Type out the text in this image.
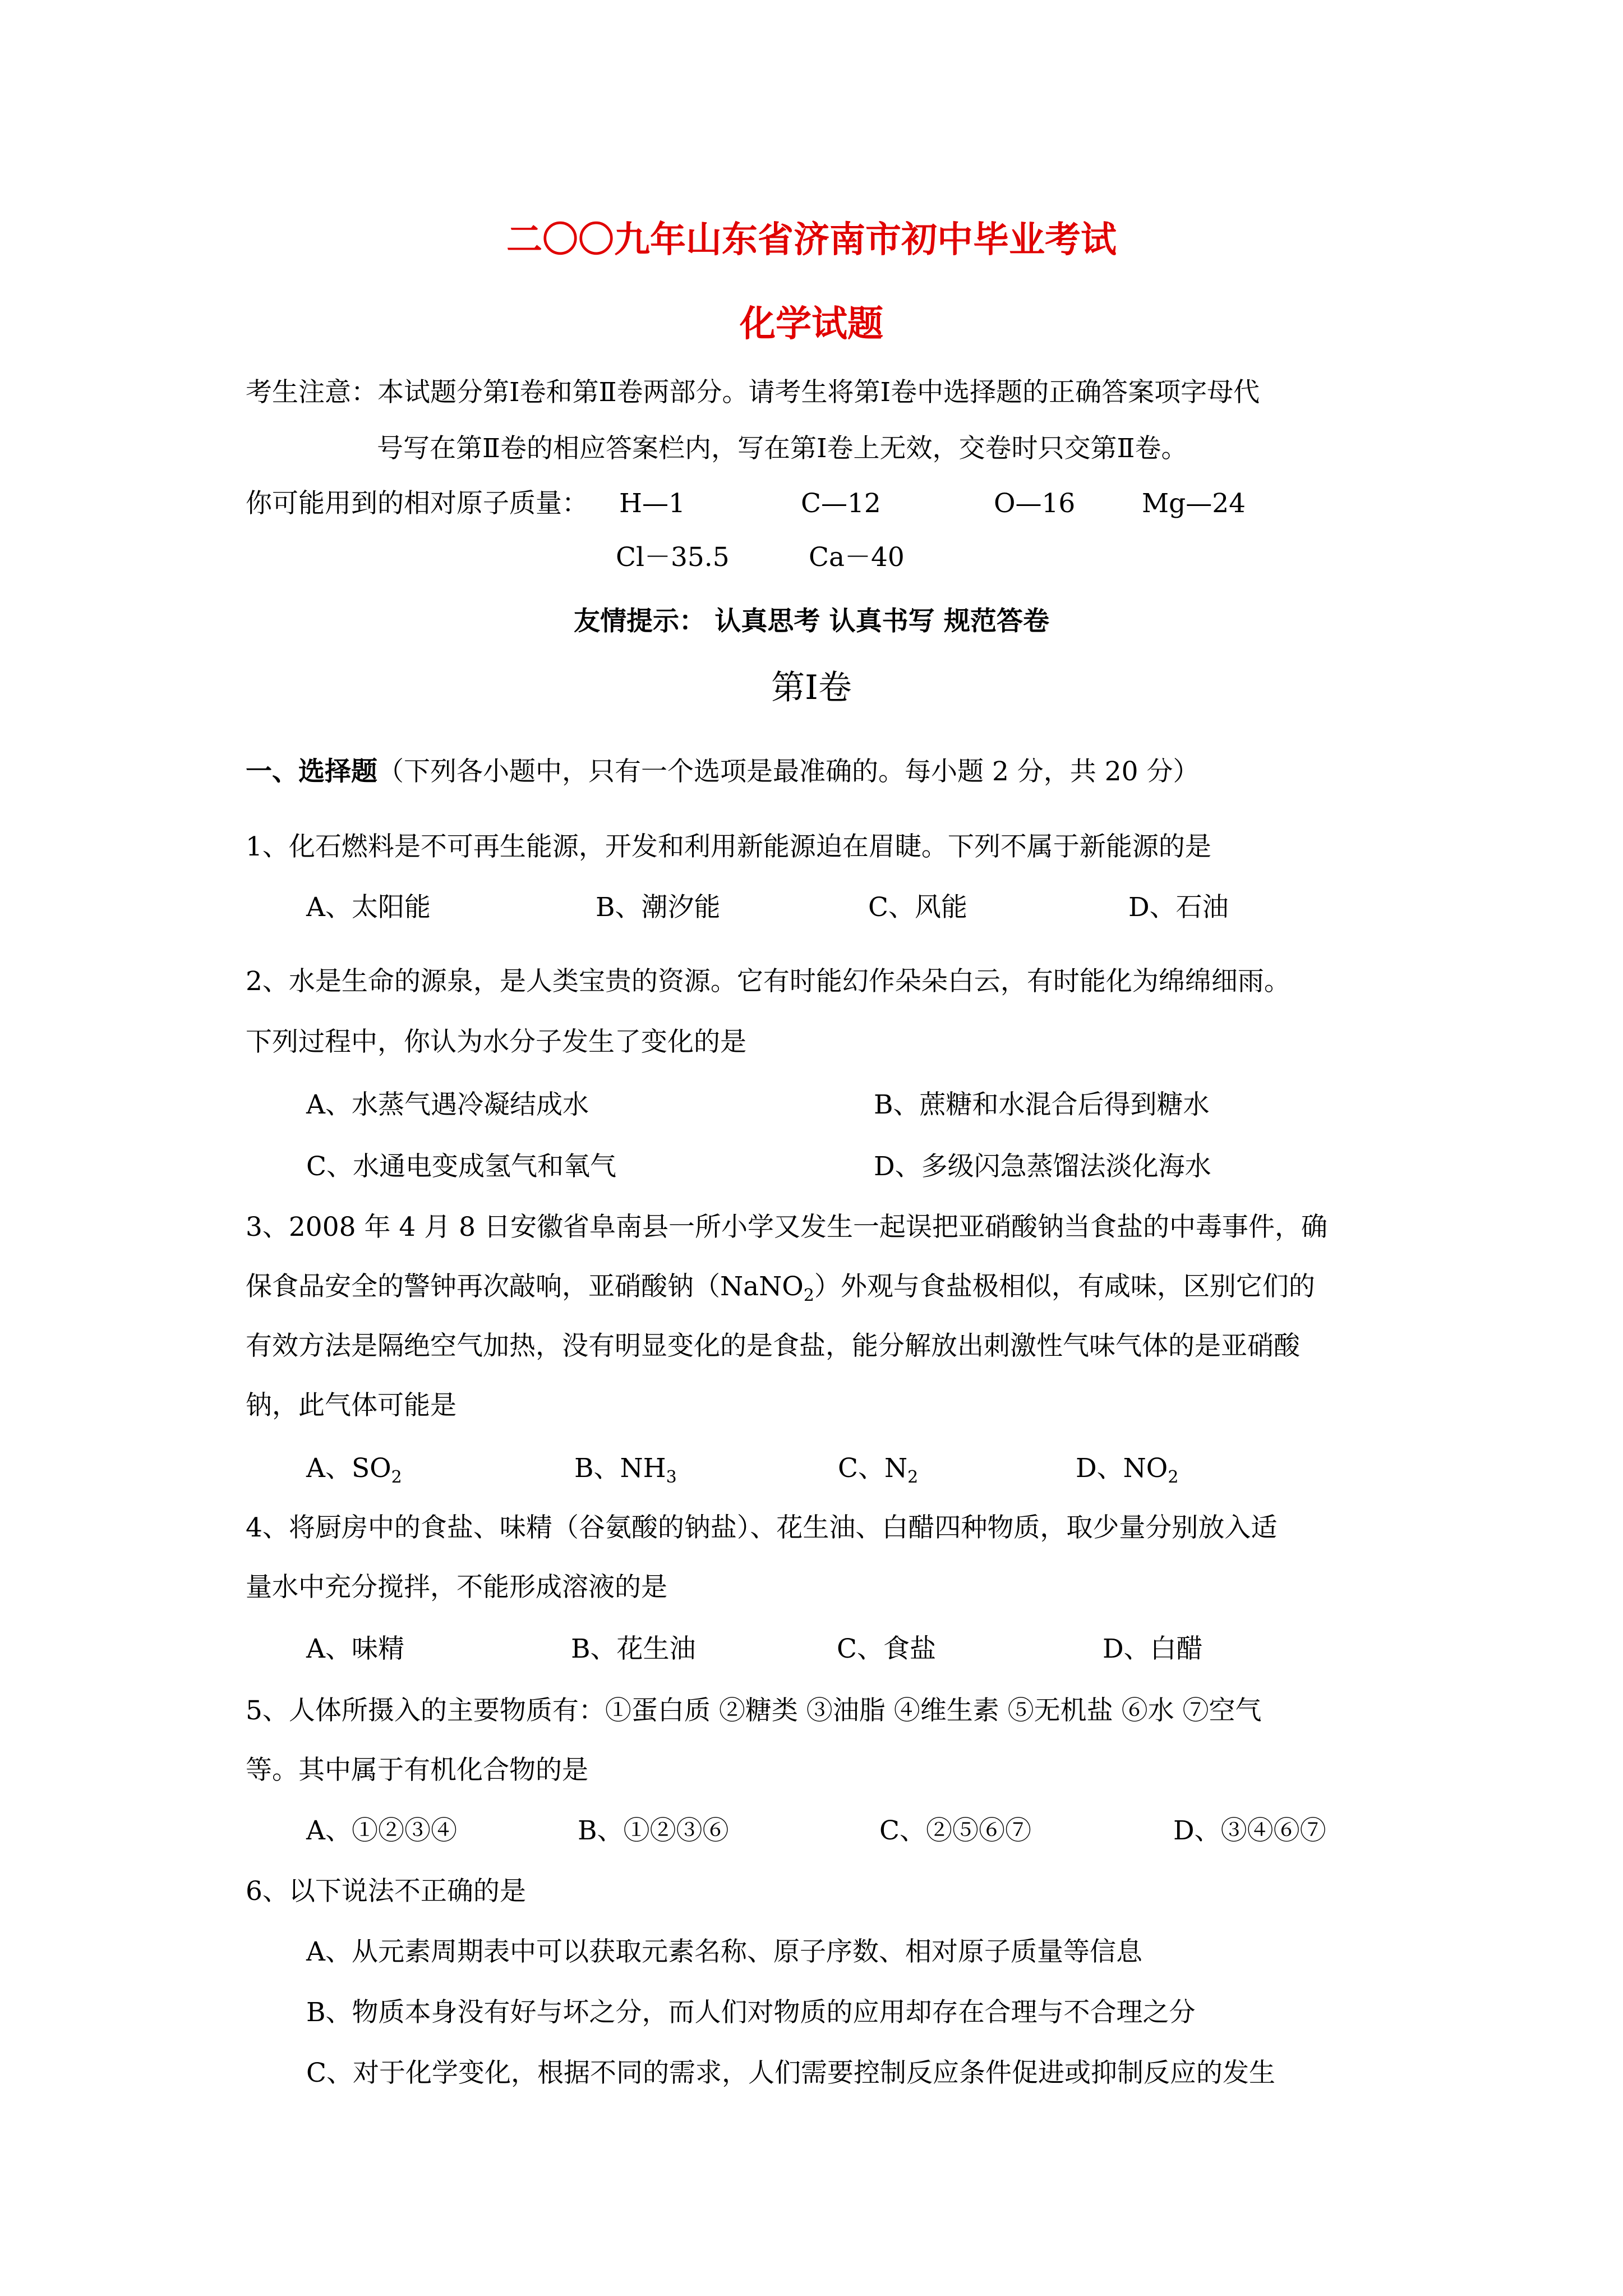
二〇〇九年山东省济南市初中毕业考试
化学试题
考生注意：本试题分第Ⅰ卷和第Ⅱ卷两部分。请考生将第Ⅰ卷中选择题的正确答案项字母代
号写在第Ⅱ卷的相应答案栏内，写在第Ⅰ卷上无效，交卷时只交第Ⅱ卷。
你可能用到的相对原子质量： H—1	C—12	O—16	Mg—24
Cl－35.5	Ca－40
友情提示： 认真思考 认真书写 规范答卷
第Ⅰ卷
一、选择题（下列各小题中，只有一个选项是最准确的。每小题 2 分，共 20 分）
1、化石燃料是不可再生能源，开发和利用新能源迫在眉睫。下列不属于新能源的是
A、太阳能	B、潮汐能	C、风能	D、石油
2、水是生命的源泉，是人类宝贵的资源。它有时能幻作朵朵白云，有时能化为绵绵细雨。
下列过程中，你认为水分子发生了变化的是
A、水蒸气遇冷凝结成水	B、蔗糖和水混合后得到糖水
C、水通电变成氢气和氧气	D、多级闪急蒸馏法淡化海水
3、2008 年 4 月 8 日安徽省阜南县一所小学又发生一起误把亚硝酸钠当食盐的中毒事件，确
保食品安全的警钟再次敲响，亚硝酸钠（NaNO$_2$）外观与食盐极相似，有咸味，区别它们的
有效方法是隔绝空气加热，没有明显变化的是食盐，能分解放出刺激性气味气体的是亚硝酸
钠，此气体可能是
A、$SO_2$	B、$NH_3$	C、$N_2$	D、$NO_2$
4、将厨房中的食盐、味精（谷氨酸的钠盐）、花生油、白醋四种物质，取少量分别放入适
量水中充分搅拌，不能形成溶液的是
A、味精	B、花生油	C、食盐	D、白醋
5、人体所摄入的主要物质有：①蛋白质 ②糖类 ③油脂 ④维生素 ⑤无机盐 ⑥水 ⑦空气
等。其中属于有机化合物的是
A、①②③④	B、①②③⑥	C、②⑤⑥⑦	D、③④⑥⑦
6、以下说法不正确的是
A、从元素周期表中可以获取元素名称、原子序数、相对原子质量等信息
B、物质本身没有好与坏之分，而人们对物质的应用却存在合理与不合理之分
C、对于化学变化，根据不同的需求，人们需要控制反应条件促进或抑制反应的发生
